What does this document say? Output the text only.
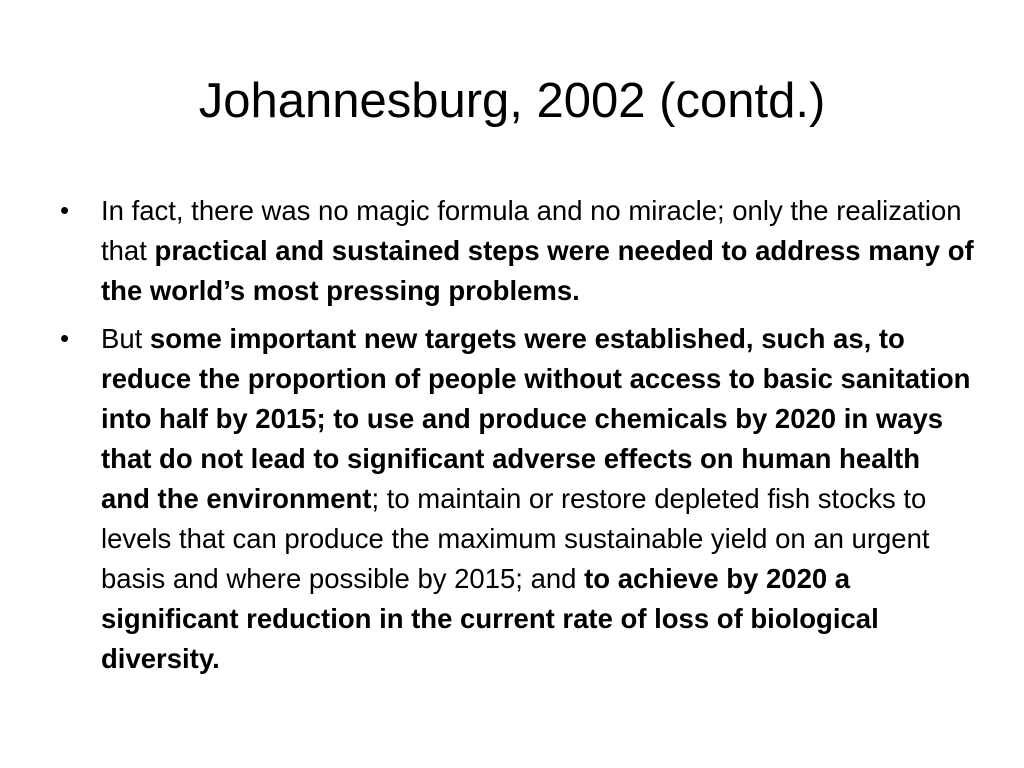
Johannesburg, 2002 (contd.)
• In fact, there was no magic formula and no miracle; only the realization that practical and sustained steps were needed to address many of the world’s most pressing problems.
• But some important new targets were established, such as, to reduce the proportion of people without access to basic sanitation into half by 2015; to use and produce chemicals by 2020 in ways that do not lead to significant adverse effects on human health and the environment; to maintain or restore depleted fish stocks to levels that can produce the maximum sustainable yield on an urgent basis and where possible by 2015; and to achieve by 2020 a significant reduction in the current rate of loss of biological diversity.
